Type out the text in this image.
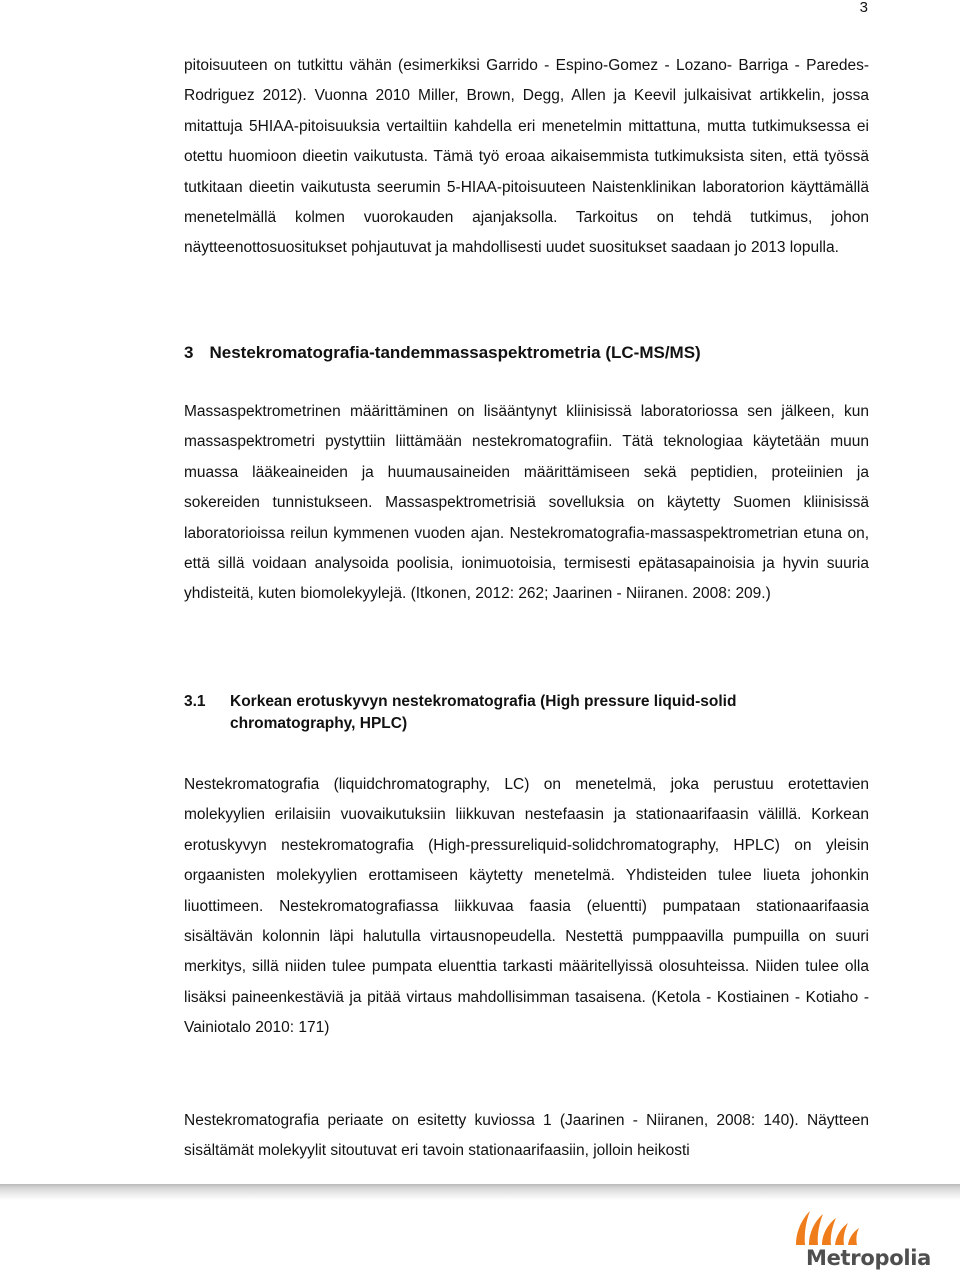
3

pitoisuuteen on tutkittu vähän (esimerkiksi Garrido - Espino-Gomez - Lozano- Barriga - Paredes- Rodriguez 2012). Vuonna 2010 Miller, Brown, Degg, Allen ja Keevil julkaisivat artikkelin, jossa mitattuja 5HIAA-pitoisuuksia vertailtiin kahdella eri menetelmin mittattuna, mutta tutkimuksessa ei otettu huomioon dieetin vaikutusta. Tämä työ eroaa aikaisemmista tutkimuksista siten, että työssä tutkitaan dieetin vaikutusta seerumin 5-HIAA-pitoisuuteen Naistenklinikan laboratorion käyttämällä menetelmällä kolmen vuorokauden ajanjaksolla. Tarkoitus on tehdä tutkimus, johon näytteenottosuositukset pohjautuvat ja mahdollisesti uudet suositukset saadaan jo 2013 lopulla.

3 Nestekromatografia-tandemmassaspektrometria (LC-MS/MS)

Massaspektrometrinen määrittäminen on lisääntynyt kliinisissä laboratoriossa sen jälkeen, kun massaspektrometri pystyttiin liittämään nestekromatografiin. Tätä teknologiaa käytetään muun muassa lääkeaineiden ja huumausaineiden määrittämiseen sekä peptidien, proteiinien ja sokereiden tunnistukseen. Massaspektrometrisiä sovelluksia on käytetty Suomen kliinisissä laboratorioissa reilun kymmenen vuoden ajan. Nestekromatografia-massaspektrometrian etuna on, että sillä voidaan analysoida poolisia, ionimuotoisia, termisesti epätasapainoisia ja hyvin suuria yhdisteitä, kuten biomolekyylejä. (Itkonen, 2012: 262; Jaarinen - Niiranen. 2008: 209.)

3.1	Korkean erotuskyvyn nestekromatografia (High pressure liquid-solid chromatography, HPLC)

Nestekromatografia (liquidchromatography, LC) on menetelmä, joka perustuu erotettavien molekyylien erilaisiin vuovaikutuksiin liikkuvan nestefaasin ja stationaarifaasin välillä. Korkean erotuskyvyn nestekromatografia (High-pressureliquid-solidchromatography, HPLC) on yleisin orgaanisten molekyylien erottamiseen käytetty menetelmä. Yhdisteiden tulee liueta johonkin liuottimeen. Nestekromatografiassa liikkuvaa faasia (eluentti) pumpataan stationaarifaasia sisältävän kolonnin läpi halutulla virtausnopeudella. Nestettä pumppaavilla pumpuilla on suuri merkitys, sillä niiden tulee pumpata eluenttia tarkasti määritellyissä olosuhteissa. Niiden tulee olla lisäksi paineenkestäviä ja pitää virtaus mahdollisimman tasaisena. (Ketola - Kostiainen - Kotiaho - Vainiotalo 2010: 171)

Nestekromatografia periaate on esitetty kuviossa 1 (Jaarinen - Niiranen, 2008: 140). Näytteen sisältämät molekyylit sitoutuvat eri tavoin stationaarifaasiin, jolloin heikosti

Metropolia
